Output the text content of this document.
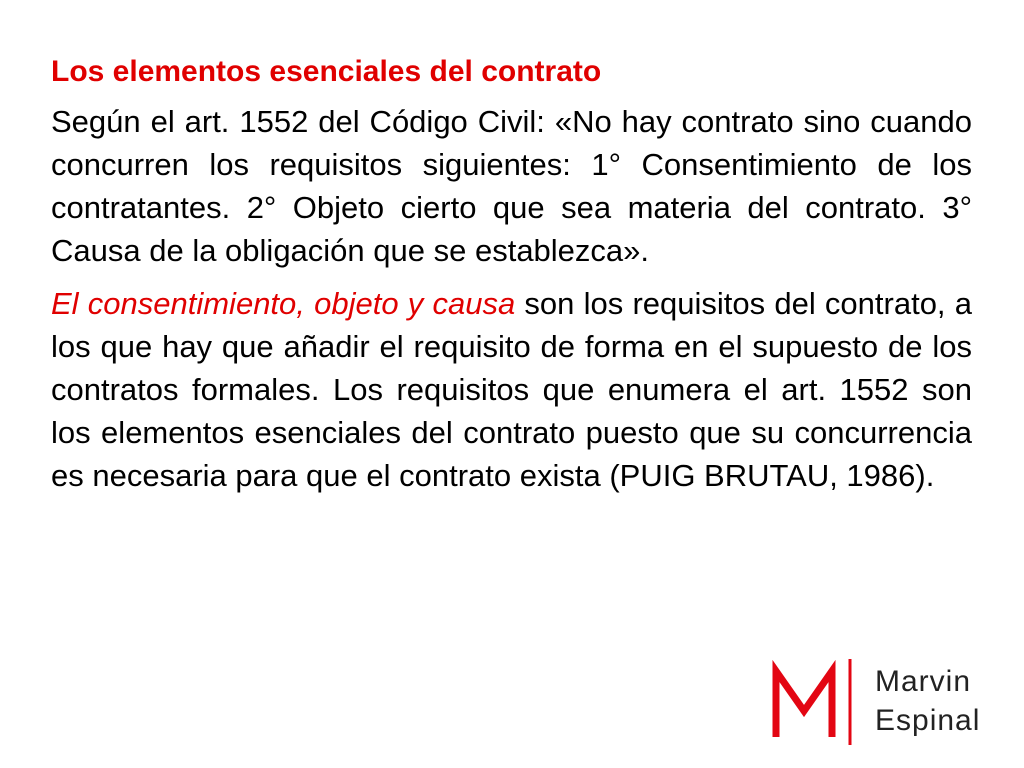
Los elementos esenciales del contrato

Según el art. 1552 del Código Civil: «No hay contrato sino cuando concurren los requisitos siguientes: 1° Consentimiento de los contratantes. 2° Objeto cierto que sea materia del contrato. 3° Causa de la obligación que se establezca».

El consentimiento, objeto y causa son los requisitos del contrato, a los que hay que añadir el requisito de forma en el supuesto de los contratos formales. Los requisitos que enumera el art. 1552 son los elementos esenciales del contrato puesto que su concurrencia es necesaria para que el contrato exista (PUIG BRUTAU, 1986).

Marvin
Espinal
